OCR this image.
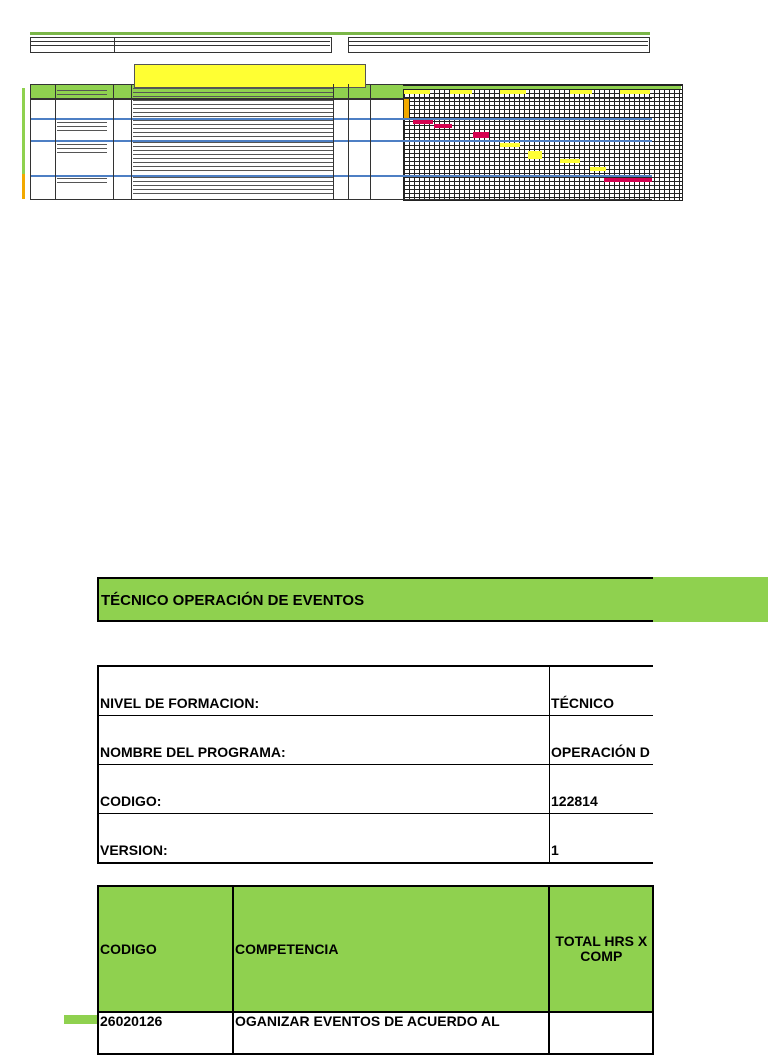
TÉCNICO OPERACIÓN DE EVENTOS
NIVEL DE FORMACION:	TÉCNICO
NOMBRE DEL PROGRAMA:	OPERACIÓN D
CODIGO:	122814
VERSION:	1
CODIGO	COMPETENCIA	TOTAL HRS X COMP
26020126	OGANIZAR EVENTOS DE ACUERDO AL	
